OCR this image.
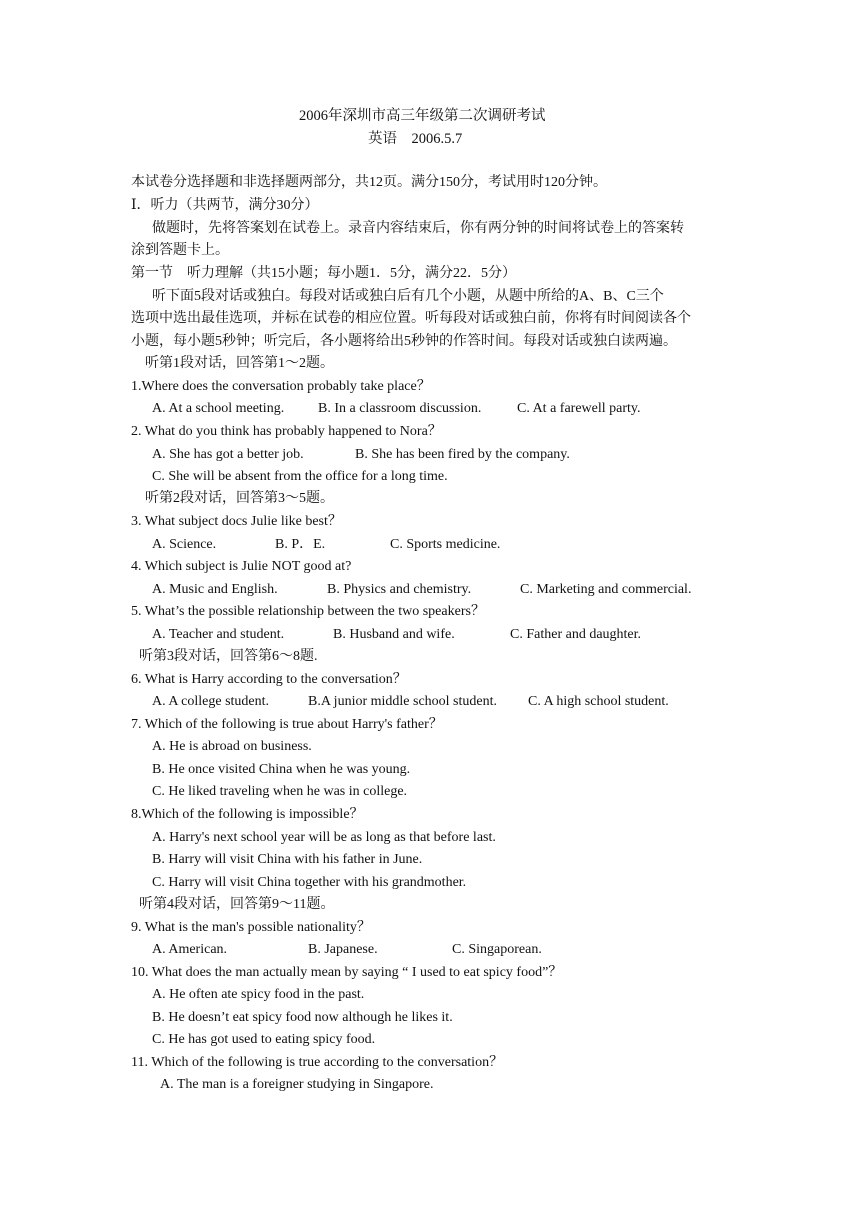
2006年深圳市高三年级第二次调研考试
英语　2006.5.7
本试卷分选择题和非选择题两部分，共12页。满分150分，考试用时120分钟。
Ⅰ．听力（共两节，满分30分）
做题时，先将答案划在试卷上。录音内容结束后，你有两分钟的时间将试卷上的答案转
涂到答题卡上。
第一节　听力理解（共15小题；每小题1．5分，满分22．5分）
听下面5段对话或独白。每段对话或独白后有几个小题，从题中所给的A、B、C三个
选项中选出最佳选项，并标在试卷的相应位置。听每段对话或独白前，你将有时间阅读各个
小题，每小题5秒钟；听完后，各小题将给出5秒钟的作答时间。每段对话或独白读两遍。
听第1段对话，回答第1～2题。
1.Where does the conversation probably take place？
A. At a school meeting. B. In a classroom discussion.	C. At a farewell party.
2. What do you think has probably happened to Nora？
A. She has got a better job.	B. She has been fired by the company.
C. She will be absent from the office for a long time.
听第2段对话，回答第3～5题。
3. What subject docs Julie like best？
A. Science.	B. P．E.	C. Sports medicine.
4. Which subject is Julie NOT good at?
A. Music and English.	B. Physics and chemistry.	C. Marketing and commercial.
5. What’s the possible relationship between the two speakers？
A. Teacher and student.	B. Husband and wife.	C. Father and daughter.
听第3段对话，回答第6～8题.
6. What is Harry according to the conversation？
A. A college student.	B.A junior middle school student. C. A high school student.
7. Which of the following is true about Harry's father？
A. He is abroad on business.
B. He once visited China when he was young.
C. He liked traveling when he was in college.
8.Which of the following is impossible？
A. Harry's next school year will be as long as that before last.
B. Harry will visit China with his father in June.
C. Harry will visit China together with his grandmother.
听第4段对话，回答第9～11题。
9. What is the man's possible nationality？
A. American.	B. Japanese.	C. Singaporean.
10. What does the man actually mean by saying “ I used to eat spicy food”？
A. He often ate spicy food in the past.
B. He doesn’t eat spicy food now although he likes it.
C. He has got used to eating spicy food.
11. Which of the following is true according to the conversation？
A. The man is a foreigner studying in Singapore.
